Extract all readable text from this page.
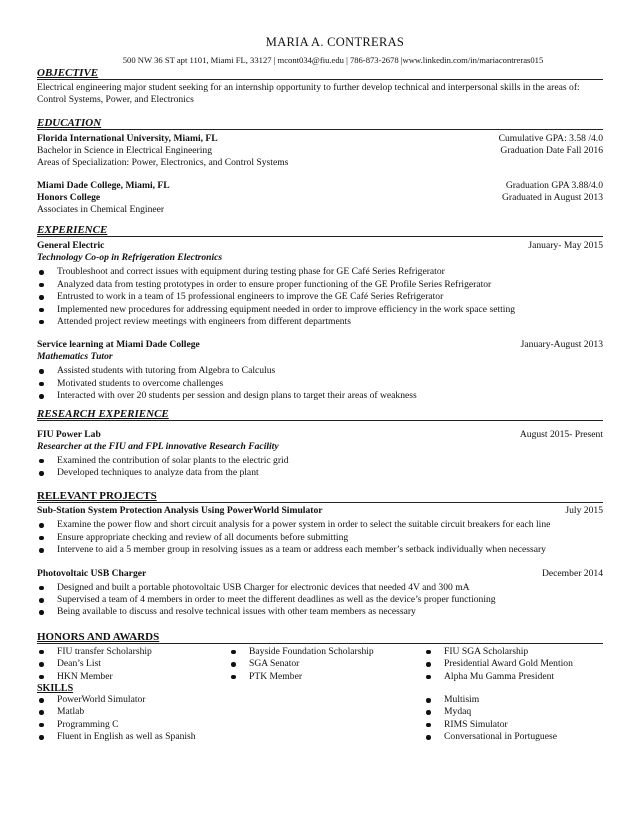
MARIA A. CONTRERAS
500 NW 36 ST apt 1101, Miami FL, 33127 | mcont034@fiu.edu | 786-873-2678 |www.linkedin.com/in/mariacontreras015
OBJECTIVE
Electrical engineering major student seeking for an internship opportunity to further develop technical and interpersonal skills in the areas of: Control Systems, Power, and Electronics
EDUCATION
Florida International University, Miami, FL	Cumulative GPA: 3.58 /4.0
Bachelor in Science in Electrical Engineering	Graduation Date Fall 2016
Areas of Specialization: Power, Electronics, and Control Systems
Miami Dade College, Miami, FL	Graduation GPA 3.88/4.0
Honors College	Graduated in August 2013
Associates in Chemical Engineer
EXPERIENCE
General Electric	January- May 2015
Technology Co-op in Refrigeration Electronics
Troubleshoot and correct issues with equipment during testing phase for GE Café Series Refrigerator
Analyzed data from testing prototypes in order to ensure proper functioning of the GE Profile Series Refrigerator
Entrusted to work in a team of 15 professional engineers to improve the GE Café Series Refrigerator
Implemented new procedures for addressing equipment needed in order to improve efficiency in the work space setting
Attended project review meetings with engineers from different departments
Service learning at Miami Dade College	January-August 2013
Mathematics Tutor
Assisted students with tutoring from Algebra to Calculus
Motivated students to overcome challenges
Interacted with over 20 students per session and design plans to target their areas of weakness
RESEARCH EXPERIENCE
FIU Power Lab	August 2015- Present
Researcher at the FIU and FPL innovative Research Facility
Examined the contribution of solar plants to the electric grid
Developed techniques to analyze data from the plant
RELEVANT PROJECTS
Sub-Station System Protection Analysis Using PowerWorld Simulator	July 2015
Examine the power flow and short circuit analysis for a power system in order to select the suitable circuit breakers for each line
Ensure appropriate checking and review of all documents before submitting
Intervene to aid a 5 member group in resolving issues as a team or address each member’s setback individually when necessary
Photovoltaic USB Charger	December 2014
Designed and built a portable photovoltaic USB Charger for electronic devices that needed 4V and 300 mA
Supervised a team of 4 members in order to meet the different deadlines as well as the device’s proper functioning
Being available to discuss and resolve technical issues with other team members as necessary
HONORS AND AWARDS
FIU transfer Scholarship
Dean’s List
HKN Member
Bayside Foundation Scholarship
SGA Senator
PTK Member
FIU SGA Scholarship
Presidential Award Gold Mention
Alpha Mu Gamma President
SKILLS
PowerWorld Simulator
Matlab
Programming C
Fluent in English as well as Spanish
Multisim
Mydaq
RIMS Simulator
Conversational in Portuguese
